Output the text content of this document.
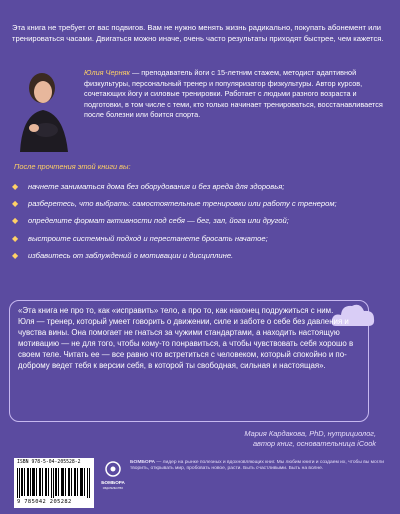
Эта книга не требует от вас подвигов. Вам не нужно менять жизнь радикально, покупать абонемент или тренироваться часами. Двигаться можно иначе, очень часто результаты приходят быстрее, чем кажется.
Юлия Черняк — преподаватель йоги с 15-летним стажем, методист адаптивной физкультуры, персональный тренер и популяризатор физкультуры. Автор курсов, сочетающих йогу и силовые тренировки. Работает с людьми разного возраста и подготовки, в том числе с теми, кто только начинает тренироваться, восстанавливается после болезни или боится спорта.
После прочтения этой книги вы:
◆ начнете заниматься дома без оборудования и без вреда для здоровья;
◆ разберетесь, что выбрать: самостоятельные тренировки или работу с тренером;
◆ определите формат активности под себя — бег, зал, йога или другой;
◆ выстроите системный подход и перестанете бросать начатое;
◆ избавитесь от заблуждений о мотивации и дисциплине.

«Эта книга не про то, как «исправить» тело, а про то, как наконец подружиться с ним.

Юля — тренер, который умеет говорить о движении, силе и заботе о себе без давления и чувства вины. Она помогает не гнаться за чужими стандартами, а находить настоящую мотивацию — не для того, чтобы кому-то понравиться, а чтобы чувствовать себя хорошо в своем теле. Читать ее — все равно что встретиться с человеком, который спокойно и по-доброму ведет тебя к версии себя, в которой ты свободная, сильная и настоящая».

Мария Кардакова, PhD, нутрициолог,
автор книг, основательница iCook
ISBN 978-5-04-205528-2
9 785042 205282
БОМБОРА
ИЗДАТЕЛЬСТВО
БОМБОРА — лидер на рынке полезных и вдохновляющих книг. Мы любим книги и создаем их, чтобы вы могли творить, открывать мир, пробовать новое, расти. Быть счастливыми. Быть на волне.
